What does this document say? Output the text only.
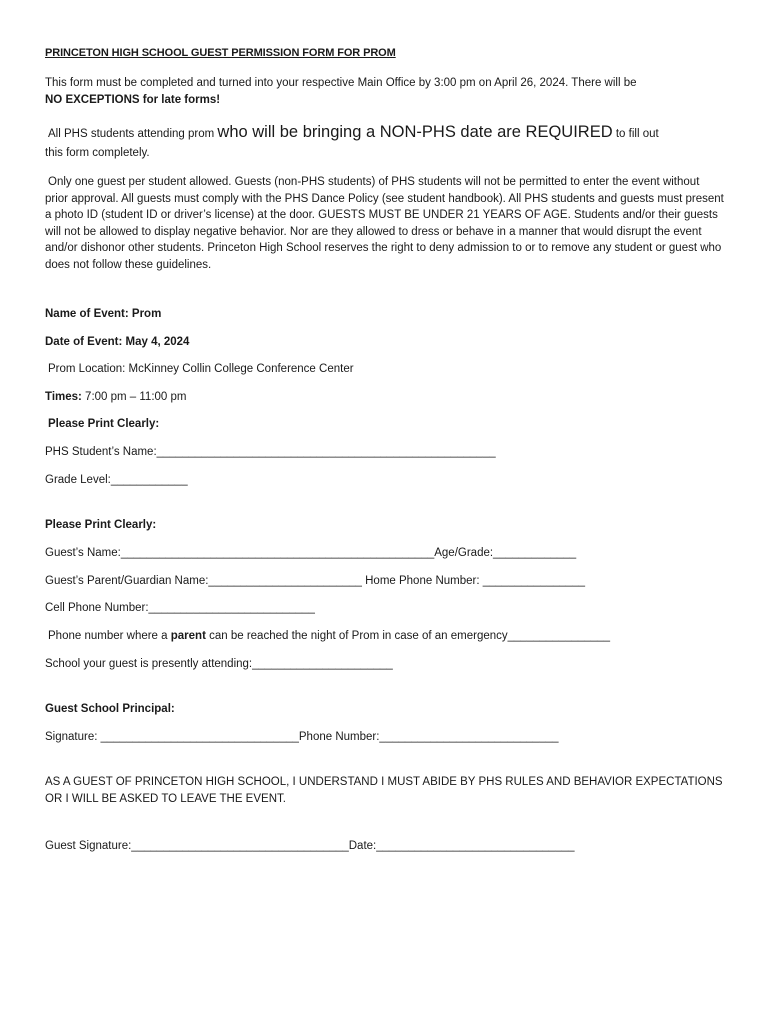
PRINCETON HIGH SCHOOL GUEST PERMISSION FORM FOR PROM
This form must be completed and turned into your respective Main Office by 3:00 pm on April 26, 2024. There will be
NO EXCEPTIONS for late forms!
All PHS students attending prom who will be bringing a NON-PHS date are REQUIRED to fill out
this form completely.
Only one guest per student allowed. Guests (non-PHS students) of PHS students will not be permitted to enter the event without prior approval. All guests must comply with the PHS Dance Policy (see student handbook). All PHS students and guests must present a photo ID (student ID or driver’s license) at the door. GUESTS MUST BE UNDER 21 YEARS OF AGE. Students and/or their guests will not be allowed to display negative behavior. Nor are they allowed to dress or behave in a manner that would disrupt the event and/or dishonor other students. Princeton High School reserves the right to deny admission to or to remove any student or guest who does not follow these guidelines.
Name of Event: Prom
Date of Event: May 4, 2024
Prom Location: McKinney Collin College Conference Center
Times: 7:00 pm – 11:00 pm
Please Print Clearly:
PHS Student’s Name:_____________________________________________________
Grade Level:____________
Please Print Clearly:
Guest’s Name:_________________________________________________Age/Grade:_____________
Guest’s Parent/Guardian Name:________________________ Home Phone Number: ________________
Cell Phone Number:__________________________
Phone number where a parent can be reached the night of Prom in case of an emergency________________
School your guest is presently attending:______________________
Guest School Principal:
Signature: _______________________________Phone Number:____________________________
AS A GUEST OF PRINCETON HIGH SCHOOL, I UNDERSTAND I MUST ABIDE BY PHS RULES AND BEHAVIOR EXPECTATIONS
OR I WILL BE ASKED TO LEAVE THE EVENT.
Guest Signature:__________________________________Date:_______________________________
